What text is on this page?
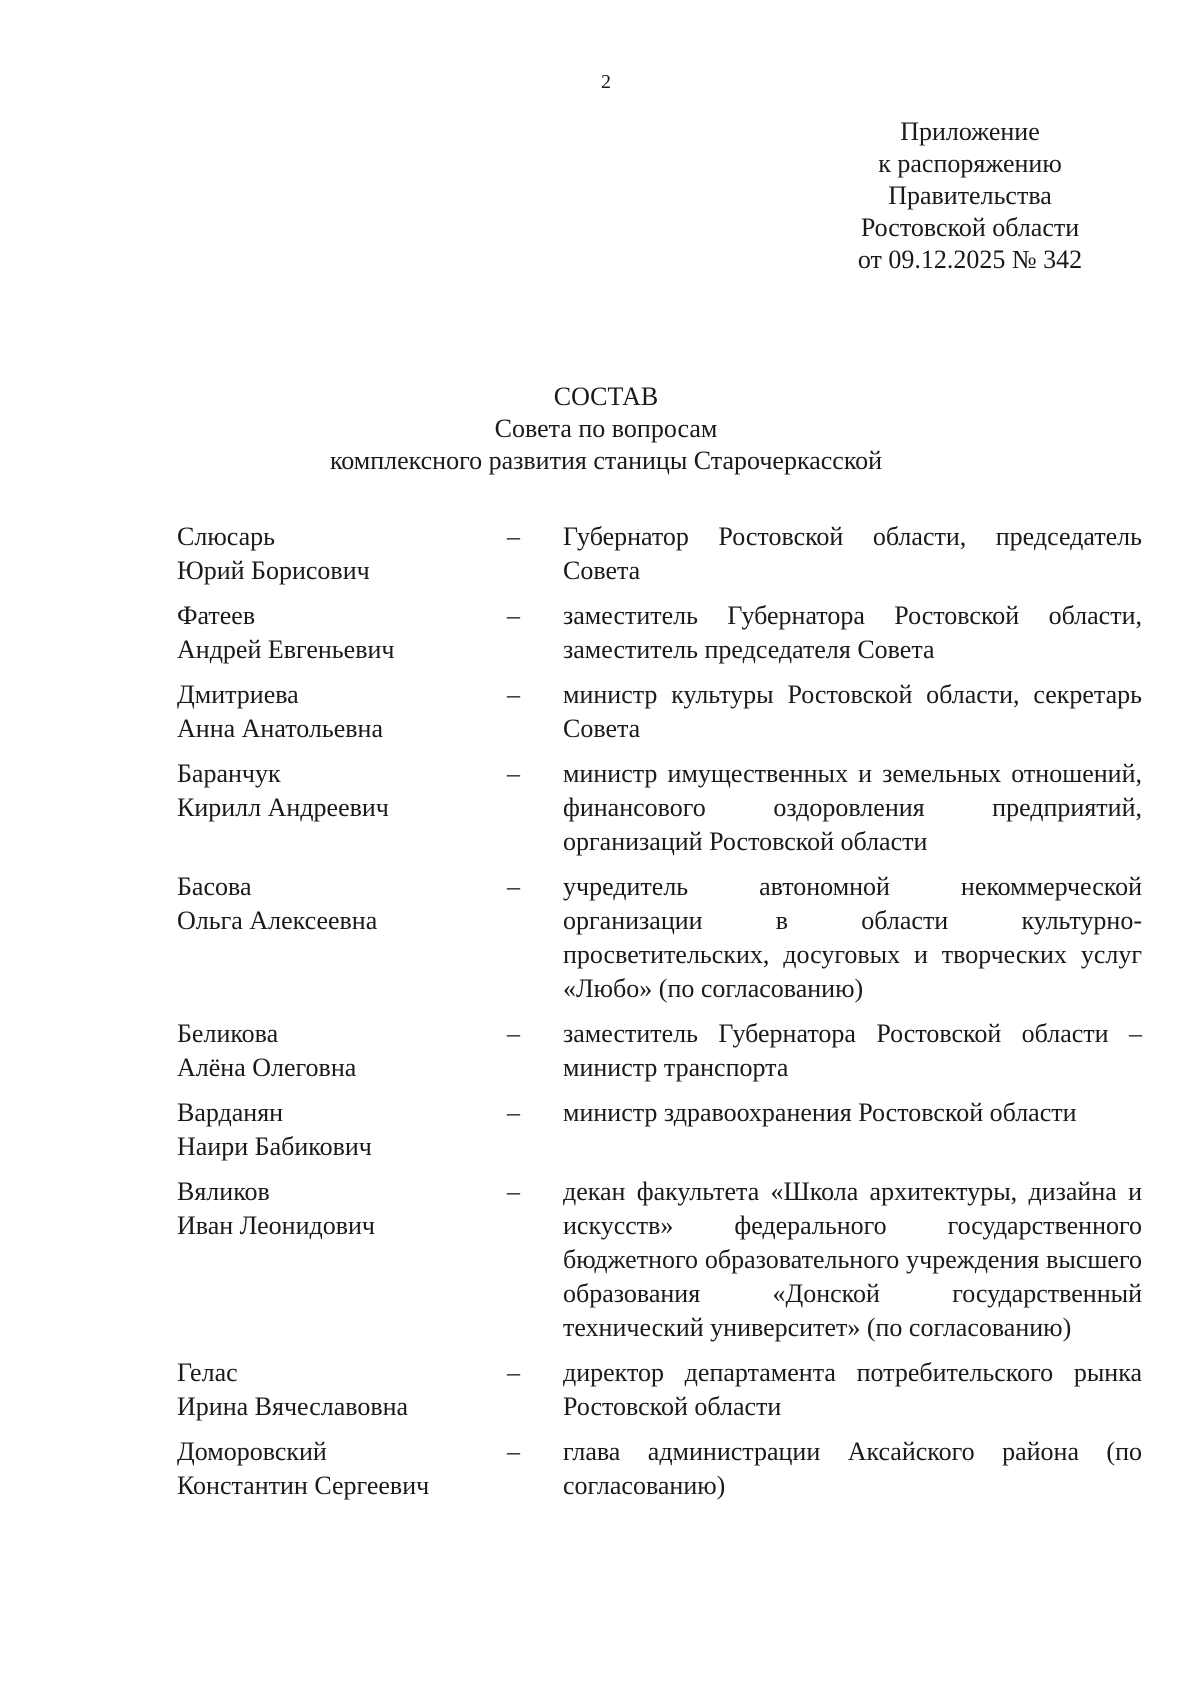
2
Приложение
к распоряжению
Правительства
Ростовской области
от 09.12.2025 № 342
СОСТАВ
Совета по вопросам
комплексного развития станицы Старочеркасской
Слюсарь
Юрий Борисович
–	Губернатор Ростовской области, председатель Совета
Фатеев
Андрей Евгеньевич
–	заместитель Губернатора Ростовской области, заместитель председателя Совета
Дмитриева
Анна Анатольевна
–	министр культуры Ростовской области, секретарь Совета
Баранчук
Кирилл Андреевич
–	министр имущественных и земельных отношений, финансового оздоровления предприятий, организаций Ростовской области
Басова
Ольга Алексеевна
–	учредитель автономной некоммерческой организации в области культурно-просветительских, досуговых и творческих услуг «Любо» (по согласованию)
Беликова
Алёна Олеговна
–	заместитель Губернатора Ростовской области – министр транспорта
Варданян
Наири Бабикович
–	министр здравоохранения Ростовской области
Вяликов
Иван Леонидович
–	декан факультета «Школа архитектуры, дизайна и искусств» федерального государственного бюджетного образовательного учреждения высшего образования «Донской государственный технический университет» (по согласованию)
Гелас
Ирина Вячеславовна
–	директор департамента потребительского рынка Ростовской области
Доморовский
Константин Сергеевич
–	глава администрации Аксайского района (по согласованию)
